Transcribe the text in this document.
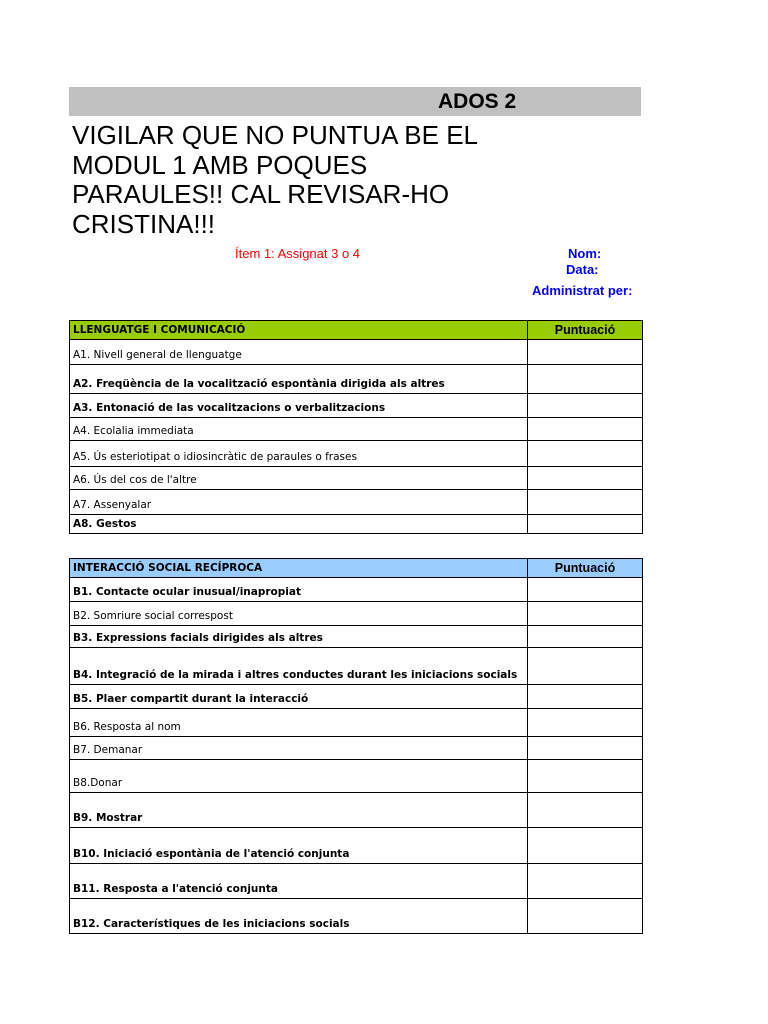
ADOS 2
VIGILAR QUE NO PUNTUA BE EL
MODUL 1 AMB POQUES
PARAULES!! CAL REVISAR-HO
CRISTINA!!!
Ítem 1: Assignat 3 o 4	Nom:
Data:
Administrat per:
LLENGUATGE I COMUNICACIÓ	Puntuació
A1. Nivell general de llenguatge	
A2. Freqüència de la vocalització espontània dirigida als altres	
A3. Entonació de las vocalitzacions o verbalitzacions	
A4. Ecolalia immediata	
A5. Ús esteriotipat o idiosincràtic de paraules o frases	
A6. Ús del cos de l'altre	
A7. Assenyalar	
A8. Gestos	
INTERACCIÓ SOCIAL RECÍPROCA	Puntuació
B1. Contacte ocular inusual/inapropiat	
B2. Somriure social correspost	
B3. Expressions facials dirigides als altres	
B4. Integració de la mirada i altres conductes durant les iniciacions socials	
B5. Plaer compartit durant la interacció	
B6. Resposta al nom	
B7. Demanar	
B8.Donar	
B9. Mostrar	
B10. Iniciació espontània de l'atenció conjunta	
B11. Resposta a l'atenció conjunta	
B12. Característiques de les iniciacions socials	
